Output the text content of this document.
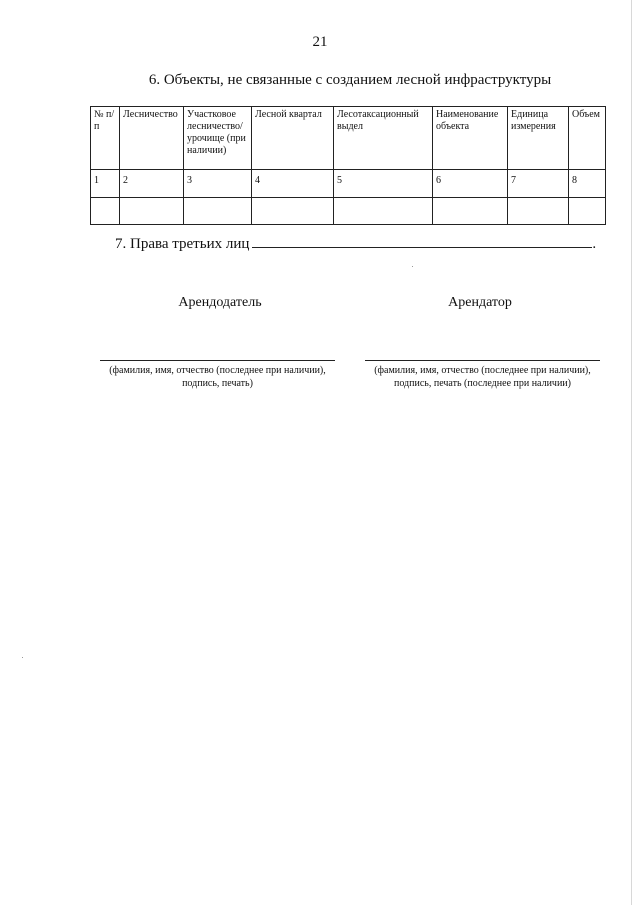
21
6. Объекты, не связанные с созданием лесной инфраструктуры
№ п/п	Лесничество	Участковое лесничество/ урочище (при наличии)	Лесной квартал	Лесотаксационный выдел	Наименование объекта	Единица измерения	Объем
1	2	3	4	5	6	7	8

7. Права третьих лиц	.
Арендодатель	Арендатор
(фамилия, имя, отчество (последнее при наличии),
подпись, печать)
(фамилия, имя, отчество (последнее при наличии),
подпись, печать (последнее при наличии)
